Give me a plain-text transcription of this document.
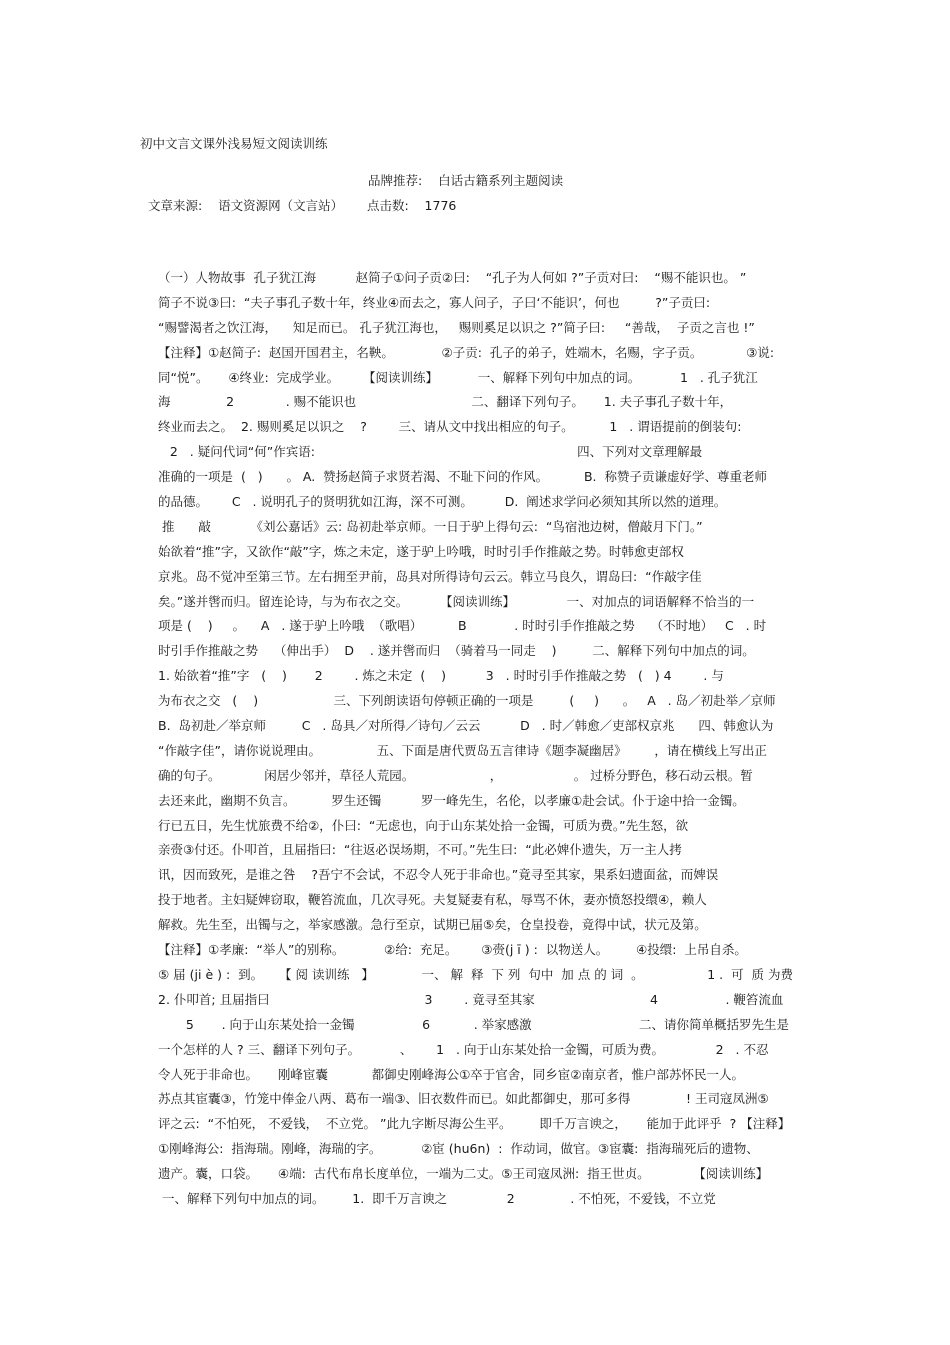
初中文言文课外浅易短文阅读训练
品牌推荐:    白话古籍系列主题阅读
文章来源:    语文资源网（文言站）      点击数:    1776
（一）人物故事  孔子犹江海          赵简子①问子贡②曰:    “孔子为人何如 ?”子贡对曰:    “赐不能识也。 ”
简子不说③曰:  “夫子事孔子数十年，终业④而去之，寡人问子，子曰‘不能识’，何也         ?”子贡曰:
“赐譬渴者之饮江海，    知足而已。 孔子犹江海也，   赐则奚足以识之 ?”简子曰:     “善哉，  子贡之言也 !”
【注释】①赵简子:  赵国开国君主，名鞅。            ②子贡:  孔子的弟子，姓端木，名赐，字子贡。           ③说:
同“悦”。     ④终业:  完成学业。      【阅读训练】          一、解释下列句中加点的词。          1   . 孔子犹江
海              2             . 赐不能识也                             二、翻译下列句子。     1. 夫子事孔子数十年，
终业而去之。  2. 赐则奚足以识之    ?        三、请从文中找出相应的句子。         1   . 谓语提前的倒装句:
2   . 疑问代词“何”作宾语:                                                                  四、下列对文章理解最
准确的一项是  (   )      。 A.  赞扬赵简子求贤若渴、不耻下问的作风。         B.  称赞子贡谦虚好学、尊重老师
的品德。      C   . 说明孔子的贤明犹如江海，深不可测。        D.  阐述求学问必须知其所以然的道理。
推      敲          《刘公嘉话》云: 岛初赴举京师。一日于驴上得句云:  “鸟宿池边树，僧敲月下门。”
始欲着“推”字，又欲作“敲”字，炼之未定，遂于驴上吟哦，时时引手作推敲之势。时韩愈吏部权
京兆。岛不觉冲至第三节。左右拥至尹前，岛具对所得诗句云云。韩立马良久，谓岛曰:  “作敲字佳
矣。”遂并辔而归。留连论诗，与为布衣之交。        【阅读训练】             一、对加点的词语解释不恰当的一
项是 (    )     。    A   . 遂于驴上吟哦  （歌唱）         B            . 时时引手作推敲之势    （不时地）   C   . 时
时引手作推敲之势    （伸出手）  D    . 遂并辔而归  （骑着马一同走    )         二、解释下列句中加点的词。
1. 始欲着“推”字   (    )       2        . 炼之未定  (    )          3   . 时时引手作推敲之势   (   ) 4        . 与
为布衣之交   (    )                   三、下列朗读语句停顿正确的一项是         (     )      。   A   . 岛／初赴举／京师
B.  岛初赴／举京师         C   . 岛具／对所得／诗句／云云          D   . 时／韩愈／吏部权京兆      四、韩愈认为
“作敲字佳”，请你说说理由。              五、下面是唐代贾岛五言律诗《题李凝幽居》       ，请在横线上写出正
确的句子。           闲居少邻并，草径人荒园。                   ，                  。 过桥分野色，移石动云根。暂
去还来此，幽期不负言。         罗生还镯          罗一峰先生，名伦，以孝廉①赴会试。仆于途中拾一金镯。
行已五日，先生忧旅费不给②，仆曰:  “无虑也，向于山东某处拾一金镯，可质为费。”先生怒，欲
亲赍③付还。仆叩首，且届指曰:  “往返必误场期，不可。”先生曰:  “此必婢仆遗失，万一主人拷
讯，因而致死，是谁之咎    ?吾宁不会试，不忍令人死于非命也。”竟寻至其家，果系妇遗面盆，而婢误
投于地者。主妇疑婢窃取，鞭笞流血，几次寻死。夫复疑妻有私，辱骂不休，妻亦愤怒投缳④，赖人
解救。先生至，出镯与之，举家感激。急行至京，试期已届⑤矣，仓皇投卷，竟得中试，状元及第。
【注释】①孝廉:  “举人”的别称。          ②给:  充足。      ③赍(j ī ) :  以物送人。       ④投缳:  上吊自杀。
⑤ 届 (ji è ) :  到。    【 阅 读训练   】            一、 解  释  下 列  句中  加 点 的 词  。                1 .  可  质 为费
2. 仆叩首; 且届指曰                                       3        . 竟寻至其家                             4                 . 鞭笞流血
5       . 向于山东某处拾一金镯                 6           . 举家感激                           二、请你简单概括罗先生是
一个怎样的人 ? 三、翻译下列句子。          、      1   . 向于山东某处拾一金镯，可质为费。             2   . 不忍
令人死于非命也。     刚峰宦囊           都御史刚峰海公①卒于官舍，同乡宦②南京者，惟户部苏怀民一人。
苏点其宦囊③，竹笼中俸金八两、葛布一端③、旧衣数件而已。如此都御史，那可多得              ! 王司寇凤洲⑤
评之云:  “不怕死， 不爱钱，  不立党。 ”此九字断尽海公生平。       即千万言谀之，     能加于此评乎  ? 【注释】
①刚峰海公:  指海瑞。刚峰，海瑞的字。          ②宦 (hu6n)  :  作动词，做官。③宦囊:  指海瑞死后的遗物、
遗产。囊，口袋。     ④端:  古代布帛长度单位，一端为二丈。⑤王司寇凤洲:  指王世贞。           【阅读训练】
一、解释下列句中加点的词。       1.  即千万言谀之               2              . 不怕死，不爱钱，不立党
